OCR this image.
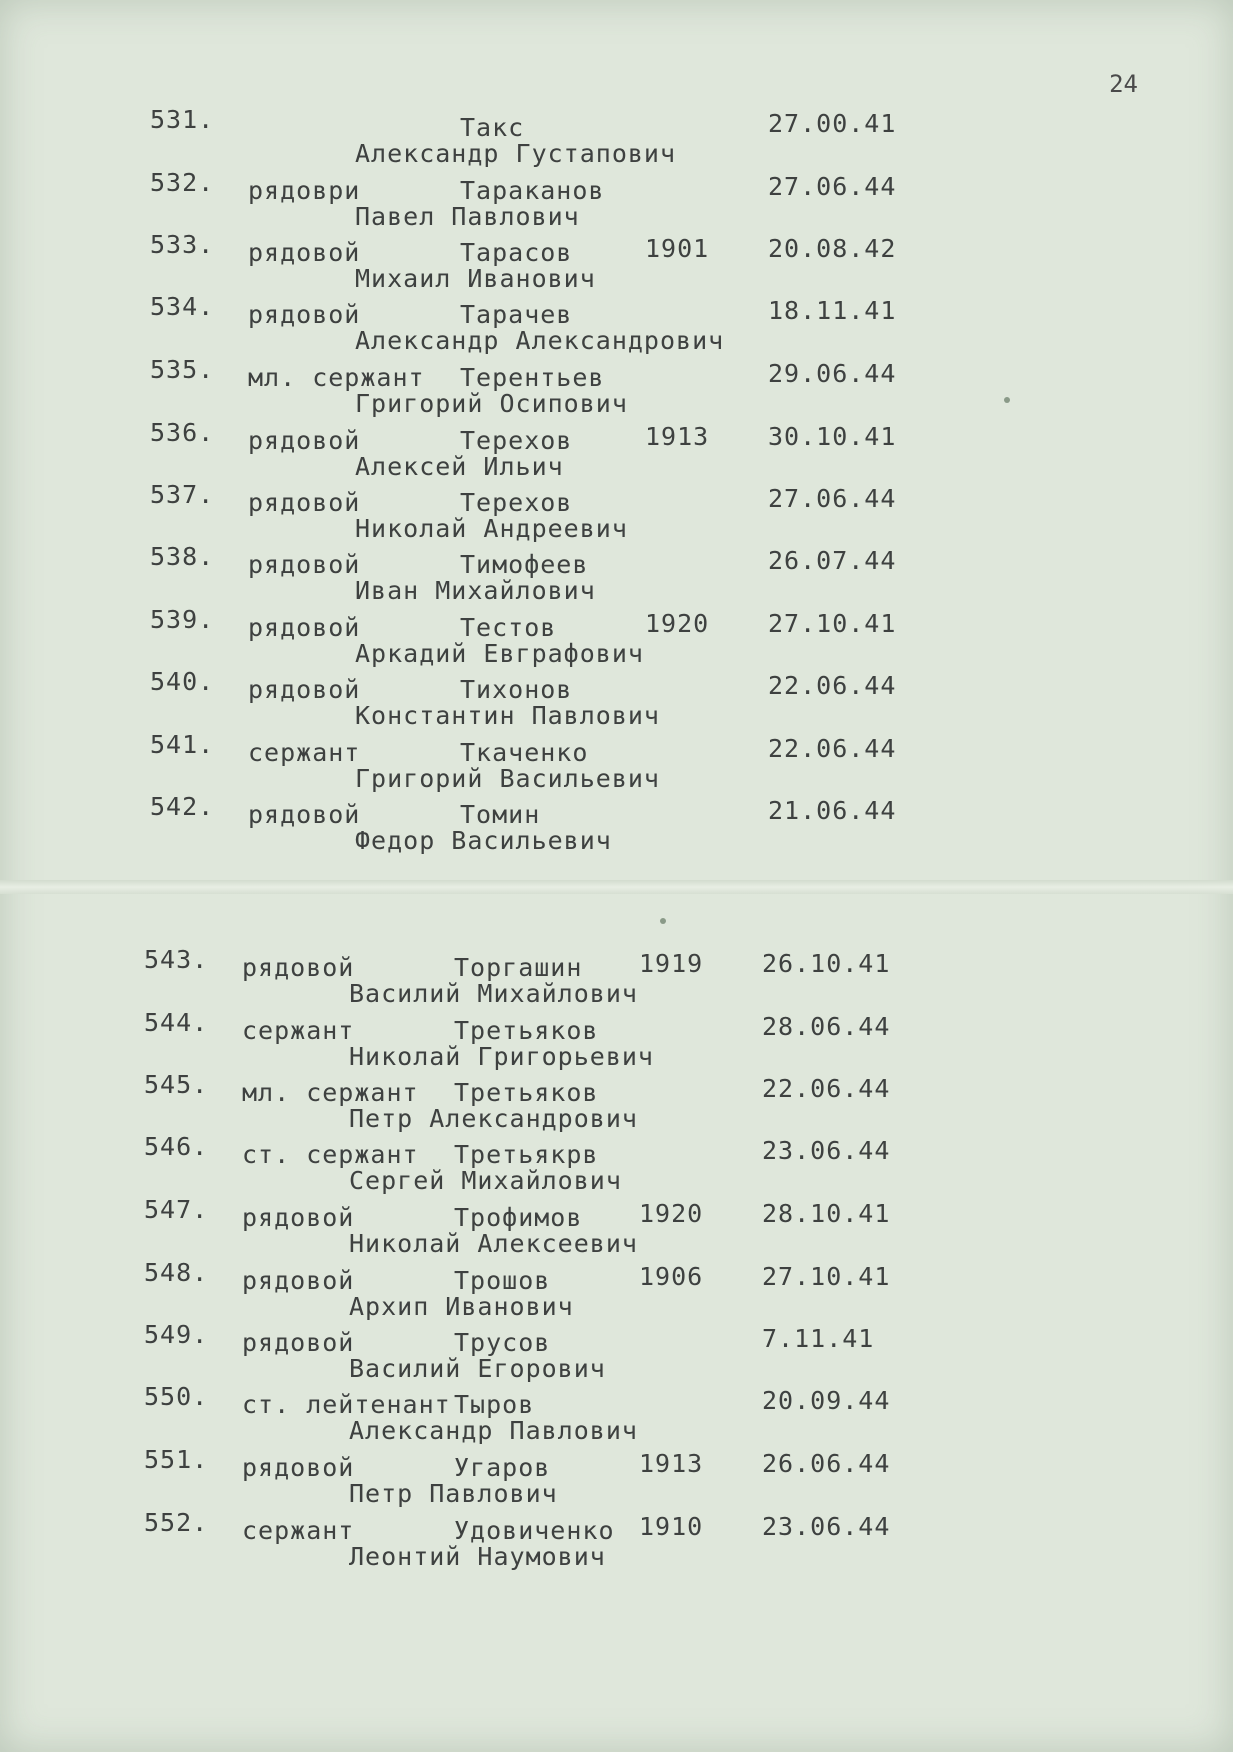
24
531.	Такс	27.00.41
Александр Густапович
532. рядоври	Тараканов	27.06.44
Павел Павлович
533. рядовой	Тарасов	1901 20.08.42
Михаил Иванович
534. рядовой	Тарачев	18.11.41
Александр Александрович
535. мл. сержант Терентьев	29.06.44
Григорий Осипович
536. рядовой	Терехов	1913 30.10.41
Алексей Ильич
537. рядовой	Терехов	27.06.44
Николай Андреевич
538. рядовой	Тимофеев	26.07.44
Иван Михайлович
539. рядовой	Тестов	1920 27.10.41
Аркадий Евграфович
540. рядовой	Тихонов	22.06.44
Константин Павлович
541. сержант	Ткаченко	22.06.44
Григорий Васильевич
542. рядовой	Томин	21.06.44
Федор Васильевич
543. рядовой	Торгашин 1919 26.10.41
Василий Михайлович
544. сержант	Третьяков	28.06.44
Николай Григорьевич
545. мл. сержант Третьяков	22.06.44
Петр Александрович
546. ст. сержант Третьякрв	23.06.44
Сергей Михайлович
547. рядовой	Трофимов 1920 28.10.41
Николай Алексеевич
548. рядовой	Трошов	1906 27.10.41
Архип Иванович
549. рядовой	Трусов	7.11.41
Василий Егорович
550. ст. лейтенант Тыров	20.09.44
Александр Павлович
551. рядовой	Угаров	1913 26.06.44
Петр Павлович
552. сержант	Удовиченко 1910 23.06.44
Леонтий Наумович
